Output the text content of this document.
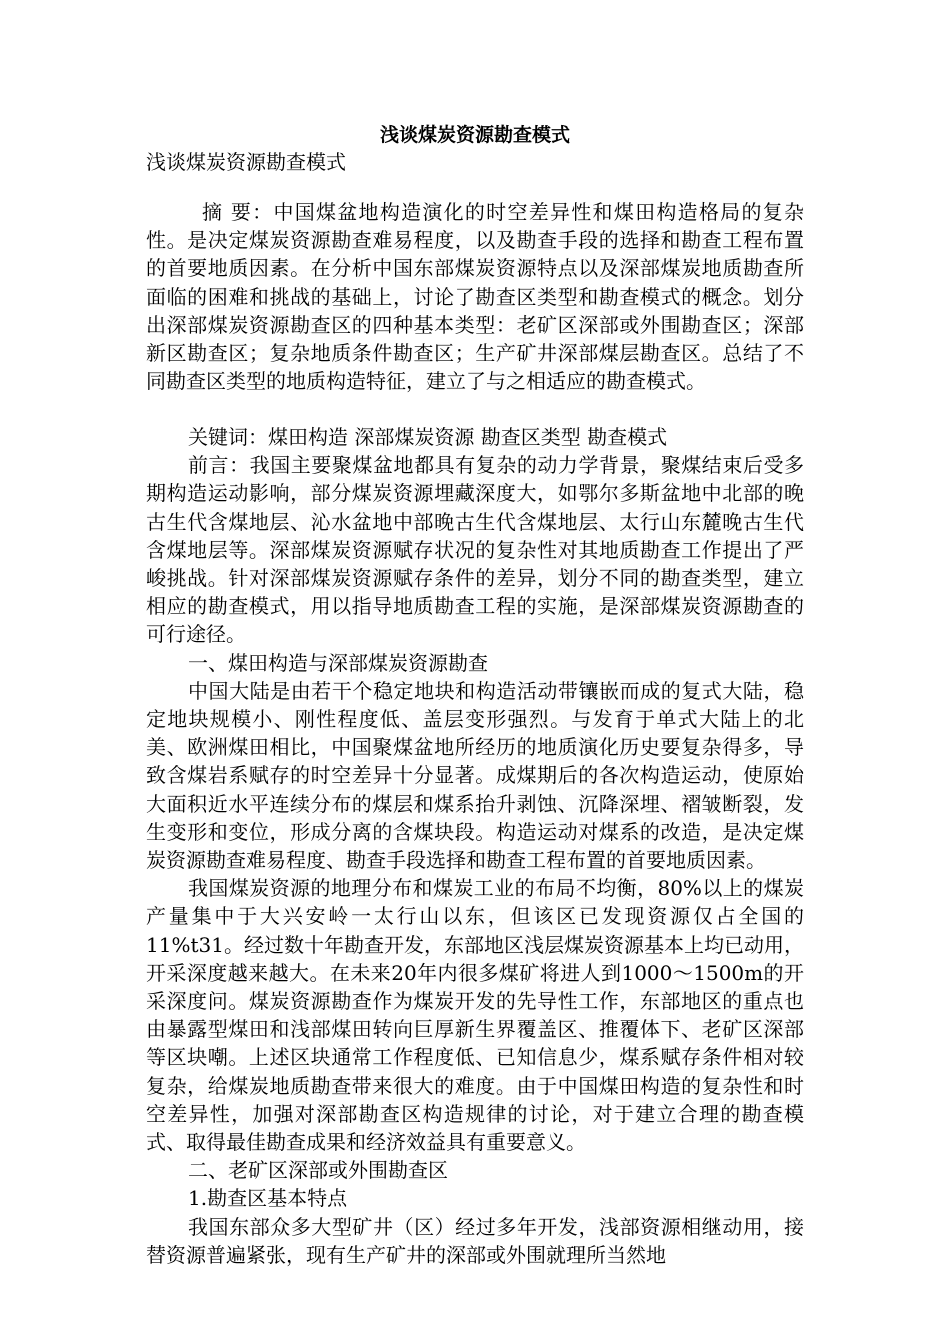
浅谈煤炭资源勘查模式
浅谈煤炭资源勘查模式

摘 要：中国煤盆地构造演化的时空差异性和煤田构造格局的复杂性。是决定煤炭资源勘查难易程度，以及勘查手段的选择和勘查工程布置的首要地质因素。在分析中国东部煤炭资源特点以及深部煤炭地质勘查所面临的困难和挑战的基础上，讨论了勘查区类型和勘查模式的概念。划分出深部煤炭资源勘查区的四种基本类型：老矿区深部或外围勘查区；深部新区勘查区；复杂地质条件勘查区；生产矿井深部煤层勘查区。总结了不同勘查区类型的地质构造特征，建立了与之相适应的勘查模式。

关键词：煤田构造 深部煤炭资源 勘查区类型 勘查模式

前言：我国主要聚煤盆地都具有复杂的动力学背景，聚煤结束后受多期构造运动影响，部分煤炭资源埋藏深度大，如鄂尔多斯盆地中北部的晚古生代含煤地层、沁水盆地中部晚古生代含煤地层、太行山东麓晚古生代含煤地层等。深部煤炭资源赋存状况的复杂性对其地质勘查工作提出了严峻挑战。针对深部煤炭资源赋存条件的差异，划分不同的勘查类型，建立相应的勘查模式，用以指导地质勘查工程的实施，是深部煤炭资源勘查的可行途径。

一、煤田构造与深部煤炭资源勘查

中国大陆是由若干个稳定地块和构造活动带镶嵌而成的复式大陆，稳定地块规模小、刚性程度低、盖层变形强烈。与发育于单式大陆上的北美、欧洲煤田相比，中国聚煤盆地所经历的地质演化历史要复杂得多，导致含煤岩系赋存的时空差异十分显著。成煤期后的各次构造运动，使原始大面积近水平连续分布的煤层和煤系抬升剥蚀、沉降深埋、褶皱断裂，发生变形和变位，形成分离的含煤块段。构造运动对煤系的改造，是决定煤炭资源勘查难易程度、勘查手段选择和勘查工程布置的首要地质因素。

我国煤炭资源的地理分布和煤炭工业的布局不均衡，80%以上的煤炭产量集中于大兴安岭一太行山以东，但该区已发现资源仅占全国的11%t31。经过数十年勘查开发，东部地区浅层煤炭资源基本上均已动用，开采深度越来越大。在未来20年内很多煤矿将进人到1000～1500m的开采深度问。煤炭资源勘查作为煤炭开发的先导性工作，东部地区的重点也由暴露型煤田和浅部煤田转向巨厚新生界覆盖区、推覆体下、老矿区深部等区块嘲。上述区块通常工作程度低、已知信息少，煤系赋存条件相对较复杂，给煤炭地质勘查带来很大的难度。由于中国煤田构造的复杂性和时空差异性，加强对深部勘查区构造规律的讨论，对于建立合理的勘查模式、取得最佳勘查成果和经济效益具有重要意义。

二、老矿区深部或外围勘查区

1.勘查区基本特点

我国东部众多大型矿井（区）经过多年开发，浅部资源相继动用，接替资源普遍紧张，现有生产矿井的深部或外围就理所当然地
